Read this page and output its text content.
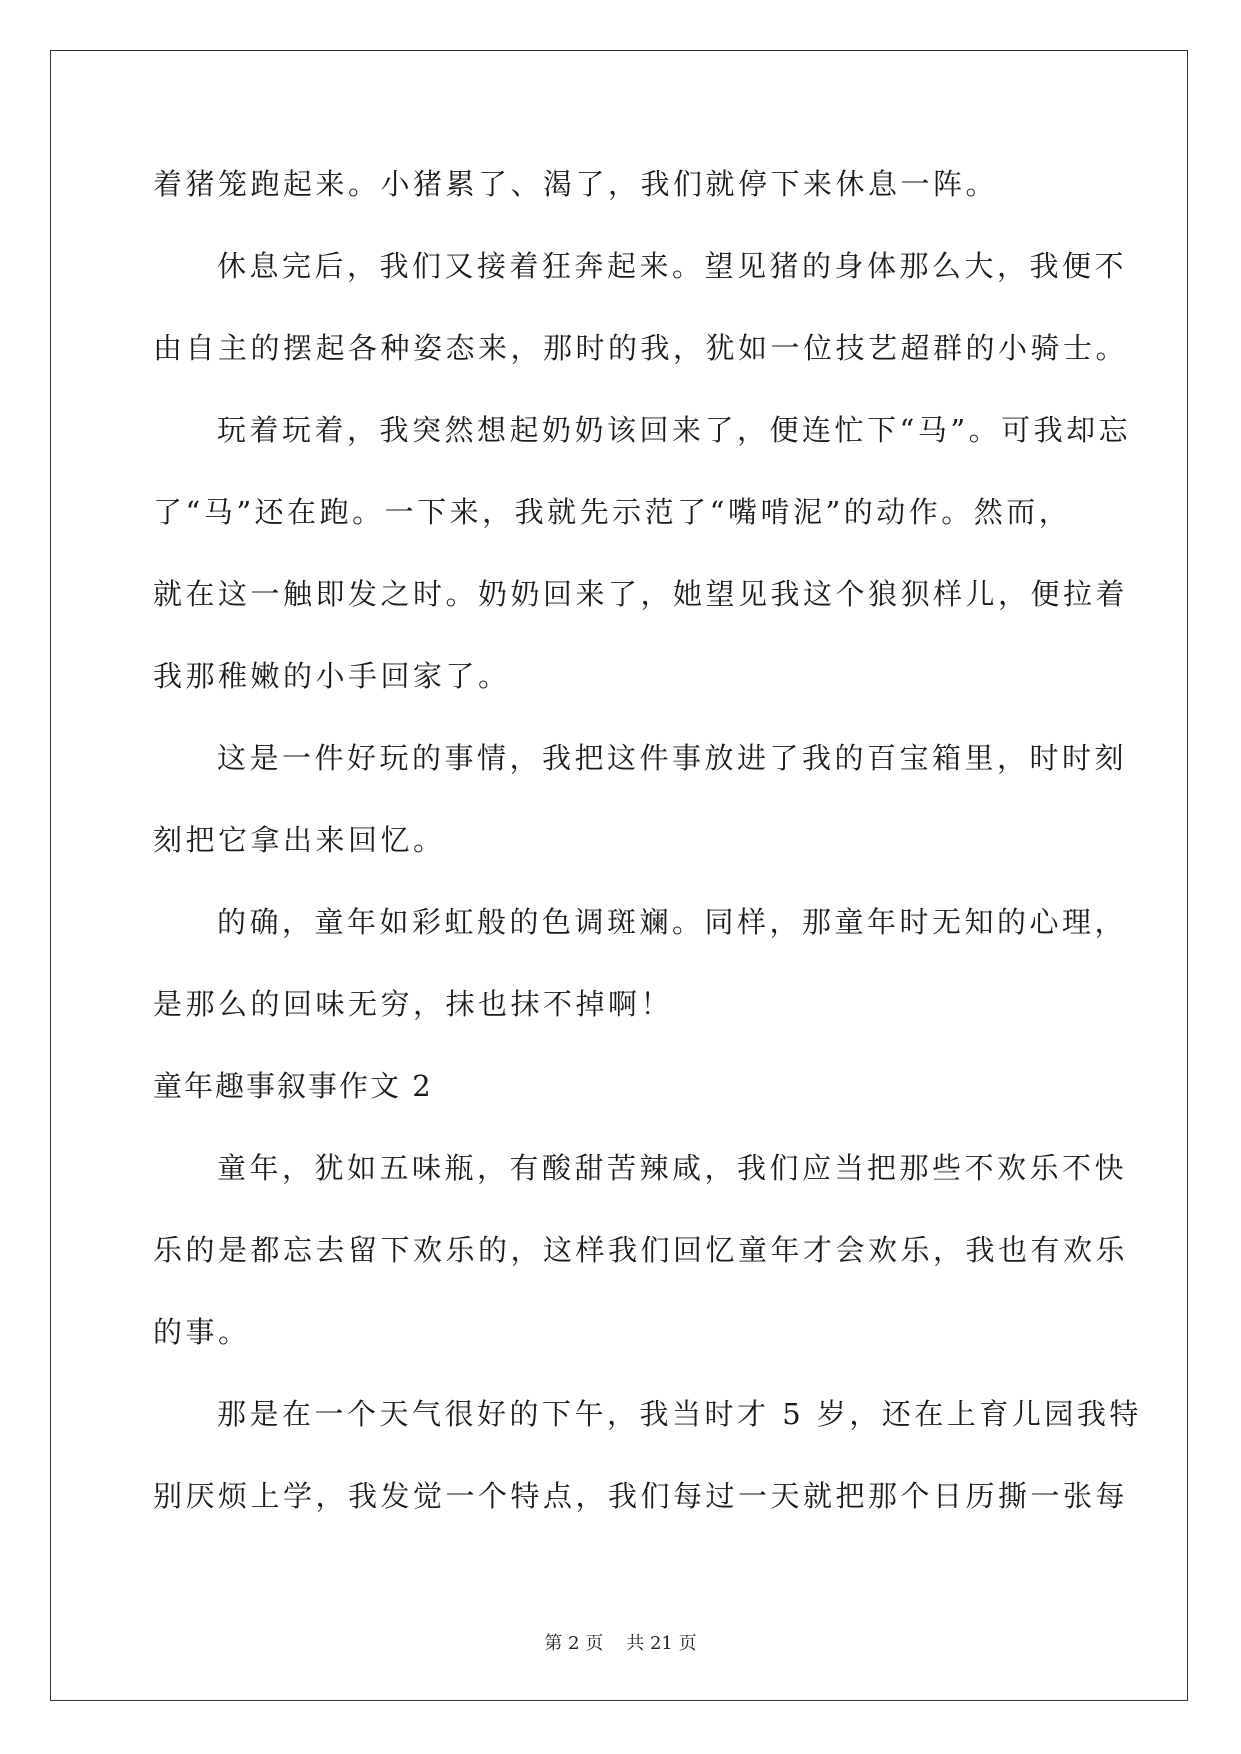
着猪笼跑起来。小猪累了、渴了，我们就停下来休息一阵。
休息完后，我们又接着狂奔起来。望见猪的身体那么大，我便不
由自主的摆起各种姿态来，那时的我，犹如一位技艺超群的小骑士。
玩着玩着，我突然想起奶奶该回来了，便连忙下“马”。可我却忘
了“马”还在跑。一下来，我就先示范了“嘴啃泥”的动作。然而，
就在这一触即发之时。奶奶回来了，她望见我这个狼狈样儿，便拉着
我那稚嫩的小手回家了。
这是一件好玩的事情，我把这件事放进了我的百宝箱里，时时刻
刻把它拿出来回忆。
的确，童年如彩虹般的色调斑斓。同样，那童年时无知的心理，
是那么的回味无穷，抹也抹不掉啊！
童年趣事叙事作文 2
童年，犹如五味瓶，有酸甜苦辣咸，我们应当把那些不欢乐不快
乐的是都忘去留下欢乐的，这样我们回忆童年才会欢乐，我也有欢乐
的事。
那是在一个天气很好的下午，我当时才 5 岁，还在上育儿园我特
别厌烦上学，我发觉一个特点，我们每过一天就把那个日历撕一张每
第 2 页 共 21 页
